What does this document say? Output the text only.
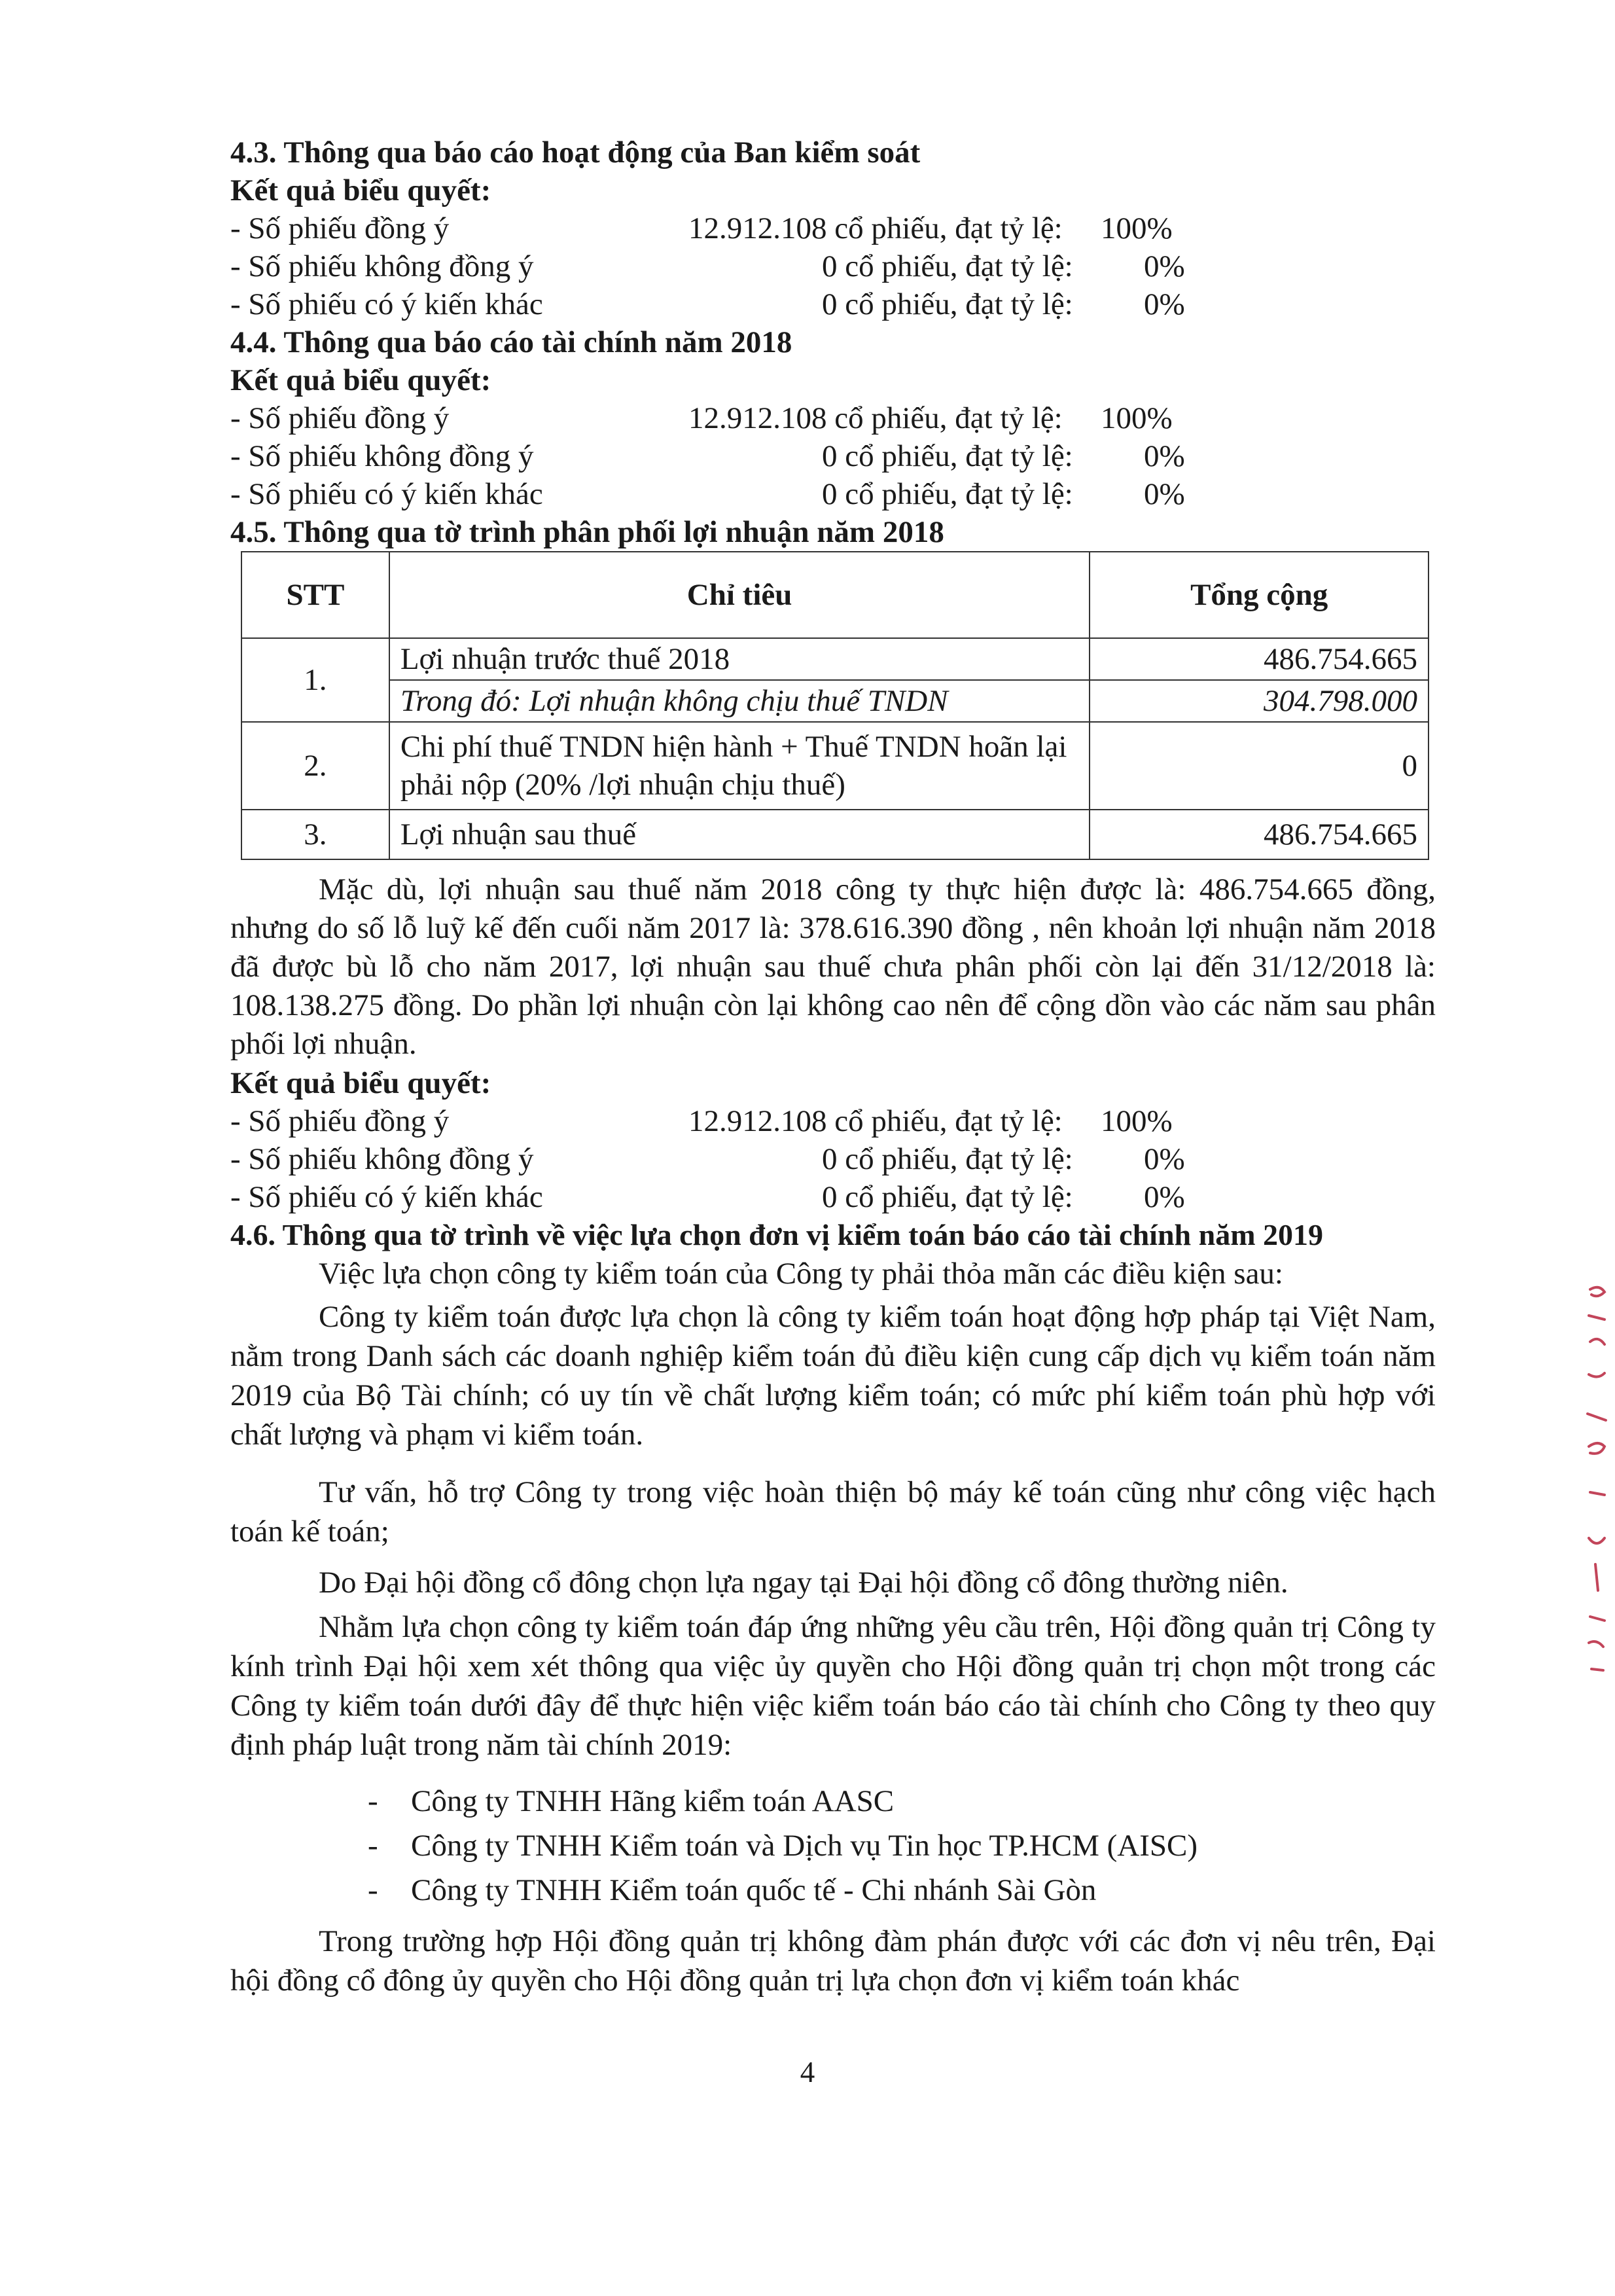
4.3. Thông qua báo cáo hoạt động của Ban kiểm soát
Kết quả biểu quyết:
- Số phiếu đồng ý	12.912.108 cổ phiếu, đạt tỷ lệ: 100%
- Số phiếu không đồng ý	0 cổ phiếu, đạt tỷ lệ: 0%
- Số phiếu có ý kiến khác	0 cổ phiếu, đạt tỷ lệ: 0%
4.4. Thông qua báo cáo tài chính năm 2018
Kết quả biểu quyết:
- Số phiếu đồng ý	12.912.108 cổ phiếu, đạt tỷ lệ: 100%
- Số phiếu không đồng ý	0 cổ phiếu, đạt tỷ lệ: 0%
- Số phiếu có ý kiến khác	0 cổ phiếu, đạt tỷ lệ: 0%
4.5. Thông qua tờ trình phân phối lợi nhuận năm 2018
STT	Chỉ tiêu	Tổng cộng
1.	Lợi nhuận trước thuế 2018	486.754.665
	Trong đó: Lợi nhuận không chịu thuế TNDN	304.798.000
2.	Chi phí thuế TNDN hiện hành + Thuế TNDN hoãn lại phải nộp (20% /lợi nhuận chịu thuế)	0
3.	Lợi nhuận sau thuế	486.754.665
Mặc dù, lợi nhuận sau thuế năm 2018 công ty thực hiện được là: 486.754.665 đồng, nhưng do số lỗ luỹ kế đến cuối năm 2017 là: 378.616.390 đồng , nên khoản lợi nhuận năm 2018 đã được bù lỗ cho năm 2017, lợi nhuận sau thuế chưa phân phối còn lại đến 31/12/2018 là: 108.138.275 đồng. Do phần lợi nhuận còn lại không cao nên để cộng dồn vào các năm sau phân phối lợi nhuận.
Kết quả biểu quyết:
- Số phiếu đồng ý	12.912.108 cổ phiếu, đạt tỷ lệ: 100%
- Số phiếu không đồng ý	0 cổ phiếu, đạt tỷ lệ: 0%
- Số phiếu có ý kiến khác	0 cổ phiếu, đạt tỷ lệ: 0%
4.6. Thông qua tờ trình về việc lựa chọn đơn vị kiểm toán báo cáo tài chính năm 2019
Việc lựa chọn công ty kiểm toán của Công ty phải thỏa mãn các điều kiện sau:
Công ty kiểm toán được lựa chọn là công ty kiểm toán hoạt động hợp pháp tại Việt Nam, nằm trong Danh sách các doanh nghiệp kiểm toán đủ điều kiện cung cấp dịch vụ kiểm toán năm 2019 của Bộ Tài chính; có uy tín về chất lượng kiểm toán; có mức phí kiểm toán phù hợp với chất lượng và phạm vi kiểm toán.
Tư vấn, hỗ trợ Công ty trong việc hoàn thiện bộ máy kế toán cũng như công việc hạch toán kế toán;
Do Đại hội đồng cổ đông chọn lựa ngay tại Đại hội đồng cổ đông thường niên.
Nhằm lựa chọn công ty kiểm toán đáp ứng những yêu cầu trên, Hội đồng quản trị Công ty kính trình Đại hội xem xét thông qua việc ủy quyền cho Hội đồng quản trị chọn một trong các Công ty kiểm toán dưới đây để thực hiện việc kiểm toán báo cáo tài chính cho Công ty theo quy định pháp luật trong năm tài chính 2019:
- Công ty TNHH Hãng kiểm toán AASC
- Công ty TNHH Kiểm toán và Dịch vụ Tin học TP.HCM (AISC)
- Công ty TNHH Kiểm toán quốc tế - Chi nhánh Sài Gòn
Trong trường hợp Hội đồng quản trị không đàm phán được với các đơn vị nêu trên, Đại hội đồng cổ đông ủy quyền cho Hội đồng quản trị lựa chọn đơn vị kiểm toán khác
4
